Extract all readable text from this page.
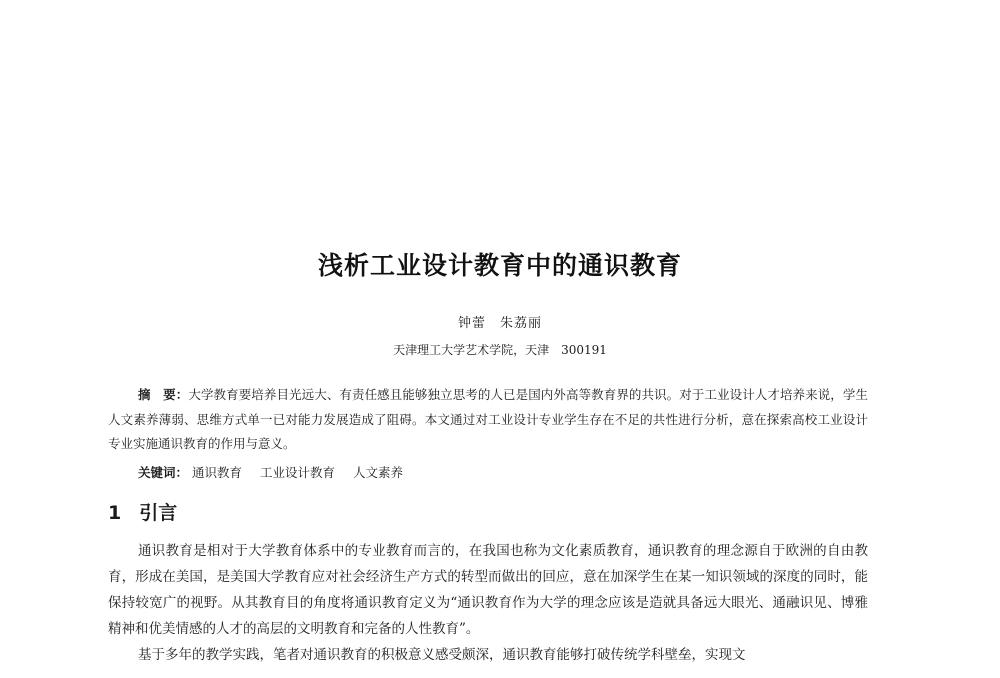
浅析工业设计教育中的通识教育
钟蕾　朱荔丽
天津理工大学艺术学院，天津　300191
摘　要：大学教育要培养目光远大、有责任感且能够独立思考的人已是国内外高等教育界的共识。对于工业设计人才培养来说，学生人文素养薄弱、思维方式单一已对能力发展造成了阻碍。本文通过对工业设计专业学生存在不足的共性进行分析，意在探索高校工业设计专业实施通识教育的作用与意义。
关键词： 通识教育 工业设计教育 人文素养
1 引言

通识教育是相对于大学教育体系中的专业教育而言的，在我国也称为文化素质教育，通识教育的理念源自于欧洲的自由教育，形成在美国，是美国大学教育应对社会经济生产方式的转型而做出的回应，意在加深学生在某一知识领域的深度的同时，能保持较宽广的视野。从其教育目的角度将通识教育定义为“通识教育作为大学的理念应该是造就具备远大眼光、通融识见、博雅精神和优美情感的人才的高层的文明教育和完备的人性教育”。

基于多年的教学实践，笔者对通识教育的积极意义感受颇深，通识教育能够打破传统学科壁垒，实现文
